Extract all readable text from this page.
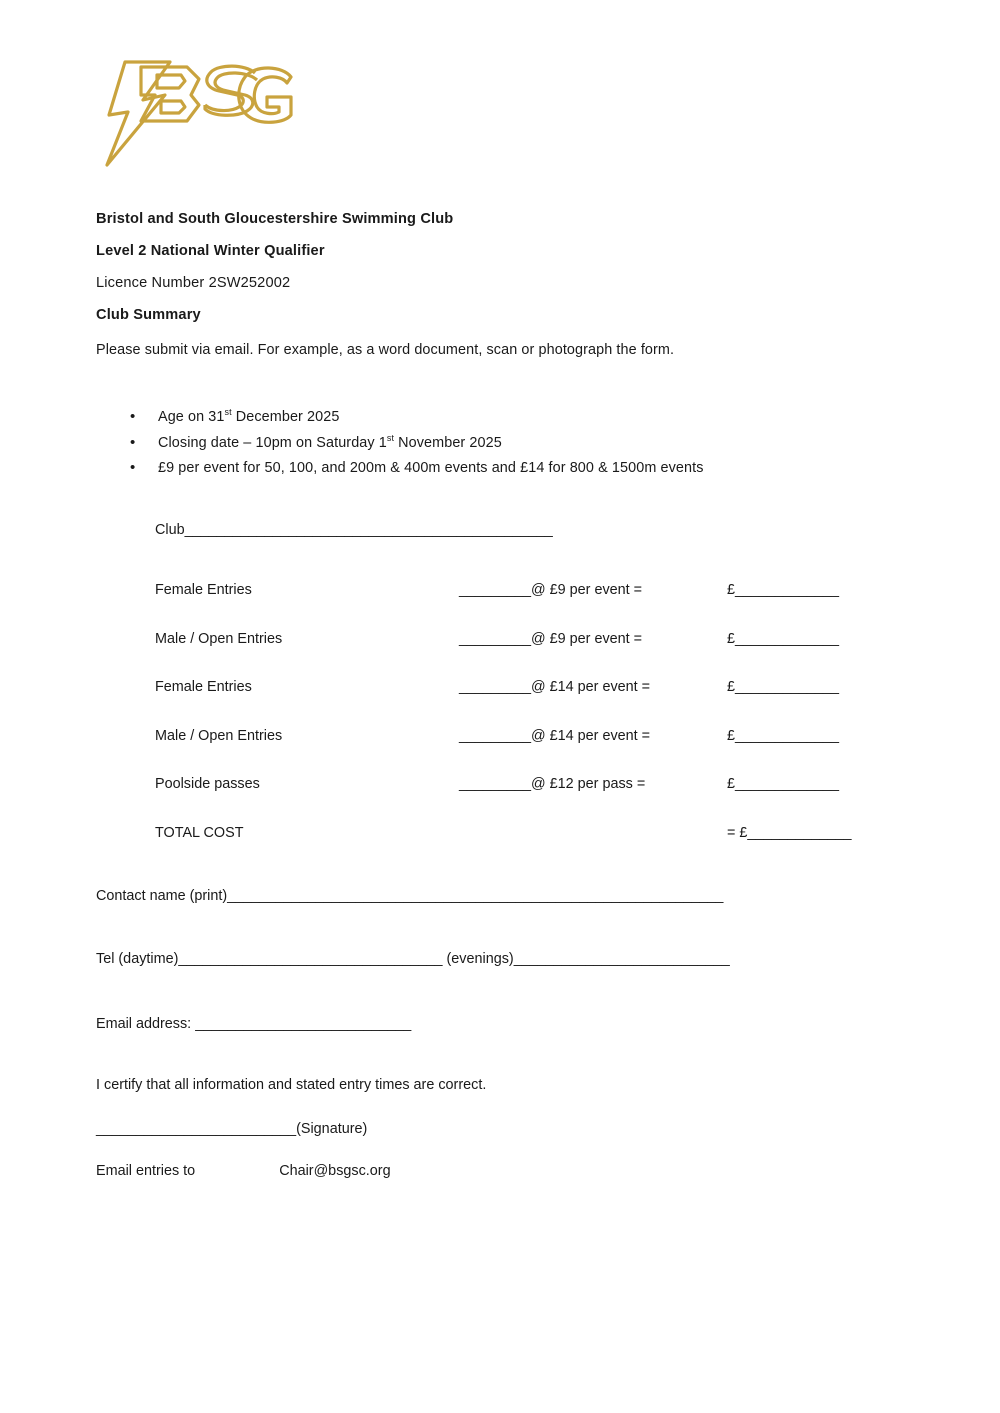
Bristol and South Gloucestershire Swimming Club
Level 2 National Winter Qualifier
Licence Number 2SW252002
Club Summary
Please submit via email. For example, as a word document, scan or photograph the form.
• Age on 31st December 2025
• Closing date – 10pm on Saturday 1st November 2025
• £9 per event for 50, 100, and 200m & 400m events and £14 for 800 & 1500m events
Club______________________________________________
Female Entries	_________@ £9 per event =	£_____________
Male / Open Entries	_________@ £9 per event =	£_____________
Female Entries	_________@ £14 per event =	£_____________
Male / Open Entries	_________@ £14 per event =	£_____________
Poolside passes	_________@ £12 per pass =	£_____________
TOTAL COST		= £_____________
Contact name (print)______________________________________________________________
Tel (daytime)_________________________________ (evenings)___________________________
Email address: ___________________________
I certify that all information and stated entry times are correct.
_________________________(Signature)
Email entries to	Chair@bsgsc.org
